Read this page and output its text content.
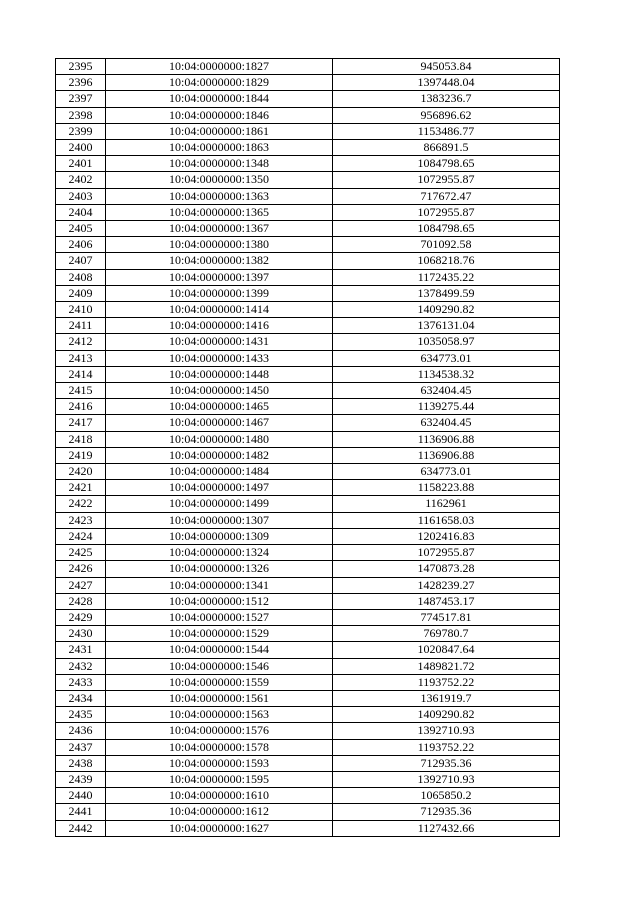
2395	10:04:0000000:1827	945053.84
2396	10:04:0000000:1829	1397448.04
2397	10:04:0000000:1844	1383236.7
2398	10:04:0000000:1846	956896.62
2399	10:04:0000000:1861	1153486.77
2400	10:04:0000000:1863	866891.5
2401	10:04:0000000:1348	1084798.65
2402	10:04:0000000:1350	1072955.87
2403	10:04:0000000:1363	717672.47
2404	10:04:0000000:1365	1072955.87
2405	10:04:0000000:1367	1084798.65
2406	10:04:0000000:1380	701092.58
2407	10:04:0000000:1382	1068218.76
2408	10:04:0000000:1397	1172435.22
2409	10:04:0000000:1399	1378499.59
2410	10:04:0000000:1414	1409290.82
2411	10:04:0000000:1416	1376131.04
2412	10:04:0000000:1431	1035058.97
2413	10:04:0000000:1433	634773.01
2414	10:04:0000000:1448	1134538.32
2415	10:04:0000000:1450	632404.45
2416	10:04:0000000:1465	1139275.44
2417	10:04:0000000:1467	632404.45
2418	10:04:0000000:1480	1136906.88
2419	10:04:0000000:1482	1136906.88
2420	10:04:0000000:1484	634773.01
2421	10:04:0000000:1497	1158223.88
2422	10:04:0000000:1499	1162961
2423	10:04:0000000:1307	1161658.03
2424	10:04:0000000:1309	1202416.83
2425	10:04:0000000:1324	1072955.87
2426	10:04:0000000:1326	1470873.28
2427	10:04:0000000:1341	1428239.27
2428	10:04:0000000:1512	1487453.17
2429	10:04:0000000:1527	774517.81
2430	10:04:0000000:1529	769780.7
2431	10:04:0000000:1544	1020847.64
2432	10:04:0000000:1546	1489821.72
2433	10:04:0000000:1559	1193752.22
2434	10:04:0000000:1561	1361919.7
2435	10:04:0000000:1563	1409290.82
2436	10:04:0000000:1576	1392710.93
2437	10:04:0000000:1578	1193752.22
2438	10:04:0000000:1593	712935.36
2439	10:04:0000000:1595	1392710.93
2440	10:04:0000000:1610	1065850.2
2441	10:04:0000000:1612	712935.36
2442	10:04:0000000:1627	1127432.66
